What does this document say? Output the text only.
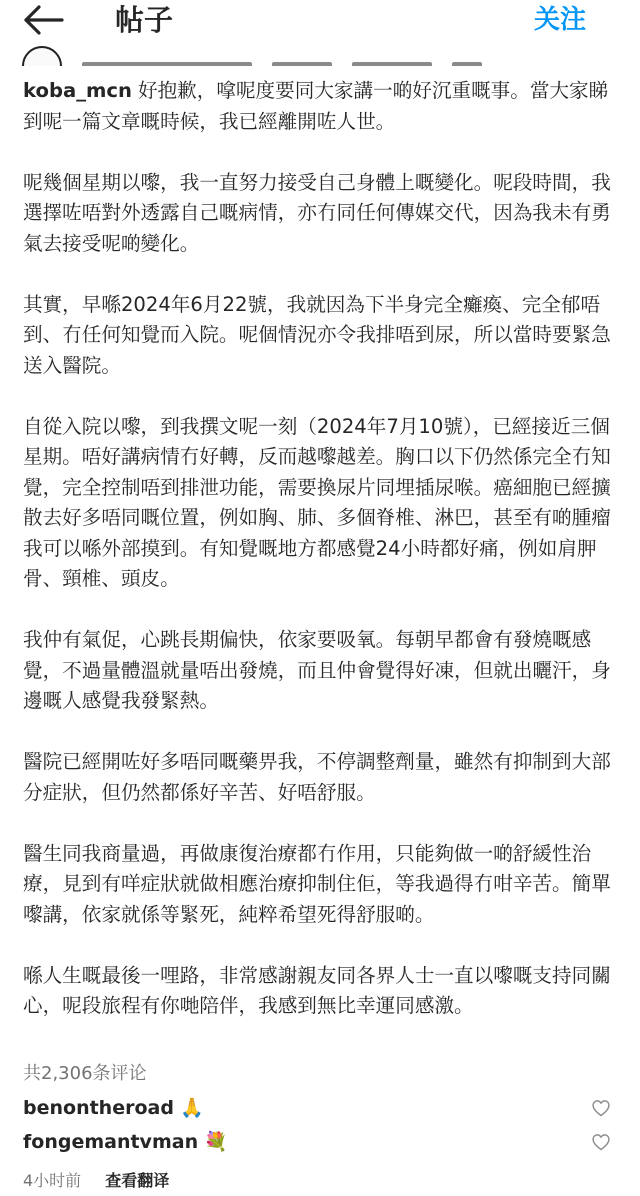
帖子	关注

koba_mcn 好抱歉，嗱呢度要同大家講一啲好沉重嘅事。當大家睇到呢一篇文章嘅時候，我已經離開咗人世。

呢幾個星期以嚟，我一直努力接受自己身體上嘅變化。呢段時間，我選擇咗唔對外透露自己嘅病情，亦冇同任何傳媒交代，因為我未有勇氣去接受呢啲變化。

其實，早喺2024年6月22號，我就因為下半身完全癱瘓、完全郁唔到、冇任何知覺而入院。呢個情況亦令我排唔到尿，所以當時要緊急送入醫院。

自從入院以嚟，到我撰文呢一刻（2024年7月10號），已經接近三個星期。唔好講病情冇好轉，反而越嚟越差。胸口以下仍然係完全冇知覺，完全控制唔到排泄功能，需要換尿片同埋插尿喉。癌細胞已經擴散去好多唔同嘅位置，例如胸、肺、多個脊椎、淋巴，甚至有啲腫瘤我可以喺外部摸到。有知覺嘅地方都感覺24小時都好痛，例如肩胛骨、頸椎、頭皮。

我仲有氣促，心跳長期偏快，依家要吸氧。每朝早都會有發燒嘅感覺，不過量體溫就量唔出發燒，而且仲會覺得好凍，但就出曬汗，身邊嘅人感覺我發緊熱。

醫院已經開咗好多唔同嘅藥畀我，不停調整劑量，雖然有抑制到大部分症狀，但仍然都係好辛苦、好唔舒服。

醫生同我商量過，再做康復治療都冇作用，只能夠做一啲舒緩性治療，見到有咩症狀就做相應治療抑制住佢，等我過得冇咁辛苦。簡單嚟講，依家就係等緊死，純粹希望死得舒服啲。

喺人生嘅最後一哩路，非常感謝親友同各界人士一直以嚟嘅支持同關心，呢段旅程有你哋陪伴，我感到無比幸運同感激。

共2,306条评论
benontheroad 🙏
fongemantvman 💐
4小时前 查看翻译
